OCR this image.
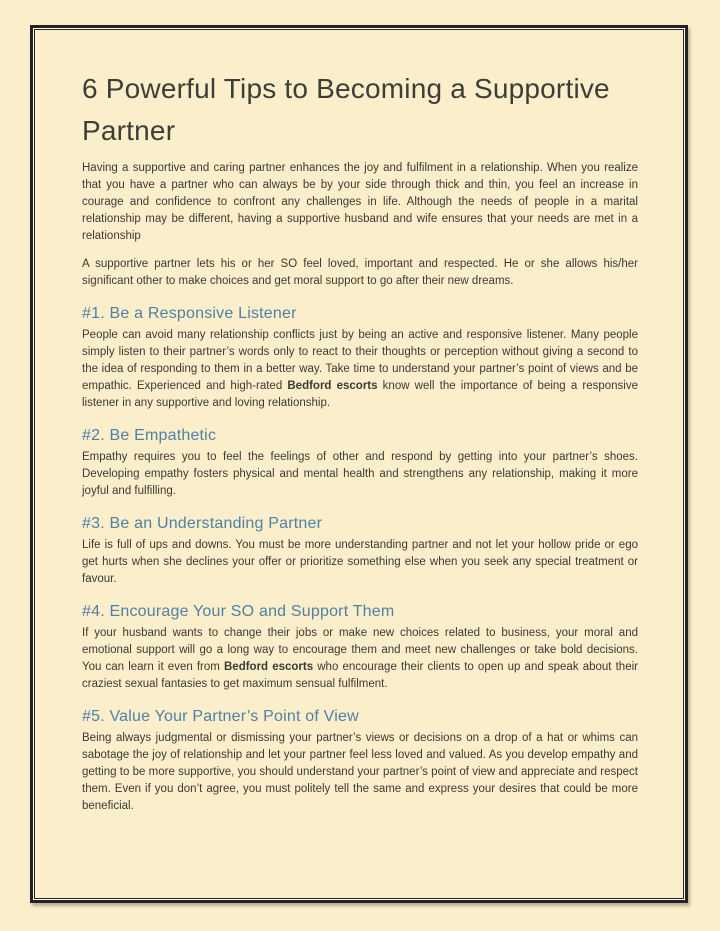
6 Powerful Tips to Becoming a Supportive Partner

Having a supportive and caring partner enhances the joy and fulfilment in a relationship. When you realize that you have a partner who can always be by your side through thick and thin, you feel an increase in courage and confidence to confront any challenges in life. Although the needs of people in a marital relationship may be different, having a supportive husband and wife ensures that your needs are met in a relationship

A supportive partner lets his or her SO feel loved, important and respected. He or she allows his/her significant other to make choices and get moral support to go after their new dreams.

#1. Be a Responsive Listener

People can avoid many relationship conflicts just by being an active and responsive listener. Many people simply listen to their partner’s words only to react to their thoughts or perception without giving a second to the idea of responding to them in a better way. Take time to understand your partner’s point of views and be empathic. Experienced and high-rated Bedford escorts know well the importance of being a responsive listener in any supportive and loving relationship.

#2. Be Empathetic

Empathy requires you to feel the feelings of other and respond by getting into your partner’s shoes. Developing empathy fosters physical and mental health and strengthens any relationship, making it more joyful and fulfilling.

#3. Be an Understanding Partner

Life is full of ups and downs. You must be more understanding partner and not let your hollow pride or ego get hurts when she declines your offer or prioritize something else when you seek any special treatment or favour.

#4. Encourage Your SO and Support Them

If your husband wants to change their jobs or make new choices related to business, your moral and emotional support will go a long way to encourage them and meet new challenges or take bold decisions. You can learn it even from Bedford escorts who encourage their clients to open up and speak about their craziest sexual fantasies to get maximum sensual fulfilment.

#5. Value Your Partner’s Point of View

Being always judgmental or dismissing your partner’s views or decisions on a drop of a hat or whims can sabotage the joy of relationship and let your partner feel less loved and valued. As you develop empathy and getting to be more supportive, you should understand your partner’s point of view and appreciate and respect them. Even if you don’t agree, you must politely tell the same and express your desires that could be more beneficial.
